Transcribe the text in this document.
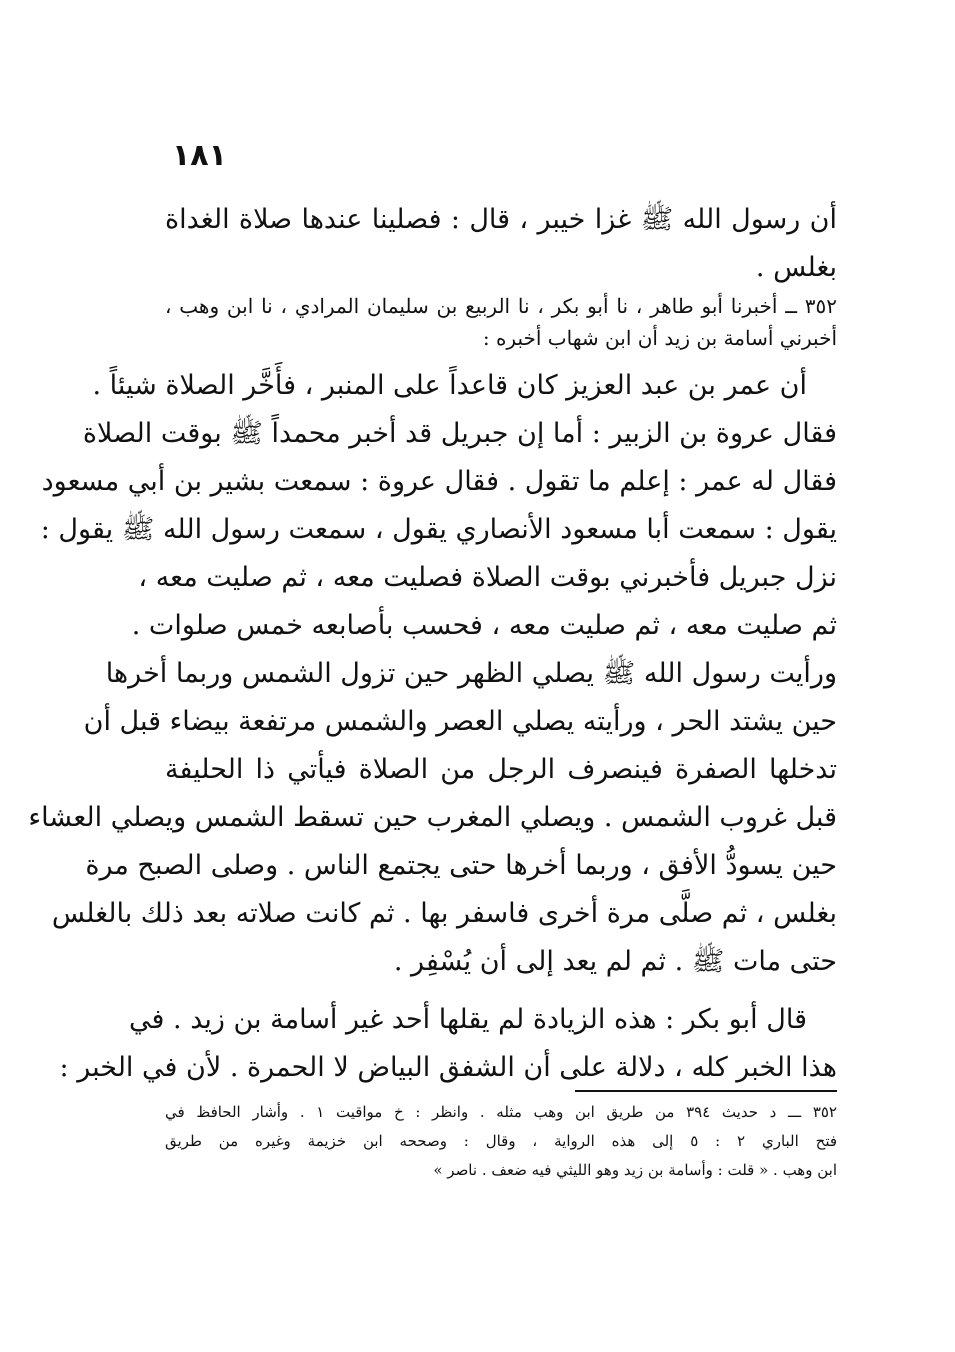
١٨١
أن رسول الله ﷺ غزا خيبر ، قال : فصلينا عندها صلاة الغداة
بغلس .
٣٥٢ ــ أخبرنا أبو طاهر ، نا أبو بكر ، نا الربيع بن سليمان المرادي ، نا ابن وهب ،
أخبرني أسامة بن زيد أن ابن شهاب أخبره :
أن عمر بن عبد العزيز كان قاعداً على المنبر ، فأَخَّر الصلاة شيئاً .
فقال عروة بن الزبير : أما إن جبريل قد أخبر محمداً ﷺ بوقت الصلاة
فقال له عمر : إعلم ما تقول . فقال عروة : سمعت بشير بن أبي مسعود
يقول : سمعت أبا مسعود الأنصاري يقول ، سمعت رسول الله ﷺ يقول :
نزل جبريل فأخبرني بوقت الصلاة فصليت معه ، ثم صليت معه ،
ثم صليت معه ، ثم صليت معه ، فحسب بأصابعه خمس صلوات .
ورأيت رسول الله ﷺ يصلي الظهر حين تزول الشمس وربما أخرها
حين يشتد الحر ، ورأيته يصلي العصر والشمس مرتفعة بيضاء قبل أن
تدخلها الصفرة فينصرف الرجل من الصلاة فيأتي ذا الحليفة
قبل غروب الشمس . ويصلي المغرب حين تسقط الشمس ويصلي العشاء
حين يسودُّ الأفق ، وربما أخرها حتى يجتمع الناس . وصلى الصبح مرة
بغلس ، ثم صلَّى مرة أخرى فاسفر بها . ثم كانت صلاته بعد ذلك بالغلس
حتى مات ﷺ . ثم لم يعد إلى أن يُسْفِر .
قال أبو بكر : هذه الزيادة لم يقلها أحد غير أسامة بن زيد . في
هذا الخبر كله ، دلالة على أن الشفق البياض لا الحمرة . لأن في الخبر :
٣٥٢ ـــ د حديث ٣٩٤ من طريق ابن وهب مثله . وانظر : خ مواقيت ١ . وأشار الحافظ في
فتح الباري ٢ : ٥ إلى هذه الرواية ، وقال : وصححه ابن خزيمة وغيره من طريق
ابن وهب . « قلت : وأسامة بن زيد وهو الليثي فيه ضعف . ناصر »
